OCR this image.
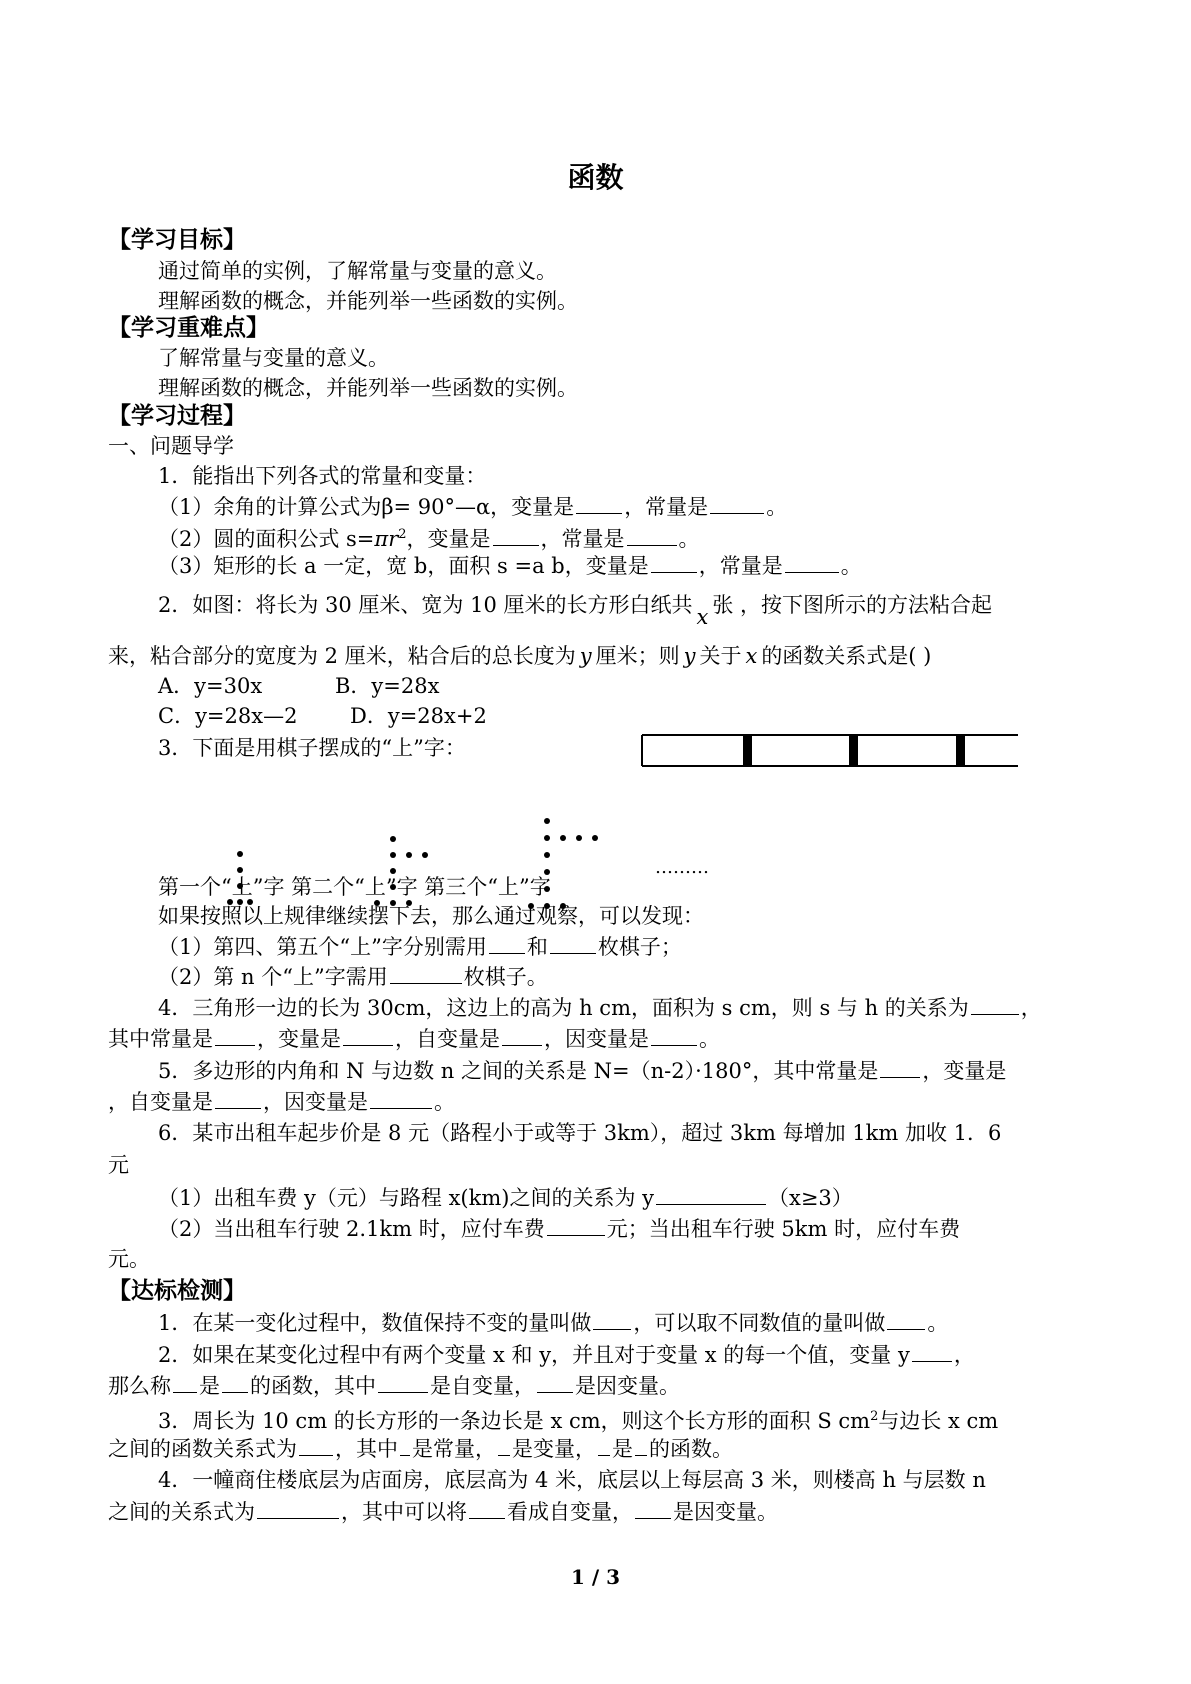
函数
【学习目标】
通过简单的实例，了解常量与变量的意义。
理解函数的概念，并能列举一些函数的实例。
【学习重难点】
了解常量与变量的意义。
理解函数的概念，并能列举一些函数的实例。
【学习过程】
一、问题导学
1．能指出下列各式的常量和变量：
（1）余角的计算公式为β= 90°—α，变量是 ，常量是	。
（2）圆的面积公式 $s=\pi r^2$，变量是 ，常量是	。
（3）矩形的长 a 一定，宽 b，面积 s =a b，变量是 ，常量是	。
2．如图：将长为 30 厘米、宽为 10 厘米的长方形白纸共 x 张 ，按下图所示的方法粘合起
来，粘合部分的宽度为 2 厘米，粘合后的总长度为 y 厘米；则 y 关于 x 的函数关系式是( )
A．y=30x	B．y=28x
C．y=28x—2	D．y=28x+2
3．下面是用棋子摆成的“上”字：
………
第一个“上”字 第二个“上”字 第三个“上”字
如果按照以上规律继续摆下去，那么通过观察，可以发现：
（1）第四、第五个“上”字分别需用 和 枚棋子；
（2）第 n 个“上”字需用	枚棋子。
4．三角形一边的长为 30cm，这边上的高为 h cm，面积为 s cm，则 s 与 h 的关系为 ，
其中常量是 ，变量是	，自变量是 ，因变量是 。
5．多边形的内角和 N 与边数 n 之间的关系是 N=（n-2）·180°，其中常量是 ，变量是
，自变量是 ，因变量是	。
6．某市出租车起步价是 8 元（路程小于或等于 3km），超过 3km 每增加 1km 加收 1．6
元
（1）出租车费 y（元）与路程 x(km)之间的关系为 y	（x≥3）
（2）当出租车行驶 2.1km 时，应付车费	元；当出租车行驶 5km 时，应付车费
元。
【达标检测】
1．在某一变化过程中，数值保持不变的量叫做 ，可以取不同数值的量叫做 。
2．如果在某变化过程中有两个变量 x 和 y，并且对于变量 x 的每一个值，变量 y ，
那么称 是 的函数，其中	是自变量， 是因变量。
3．周长为 10 cm 的长方形的一条边长是 x cm，则这个长方形的面积 S $cm^2$与边长 x cm
之间的函数关系式为 ，其中 是常量， 是变量， 是 的函数。
4．一幢商住楼底层为店面房，底层高为 4 米，底层以上每层高 3 米，则楼高 h 与层数 n
之间的关系式为	，其中可以将 看成自变量， 是因变量。
1 / 3
